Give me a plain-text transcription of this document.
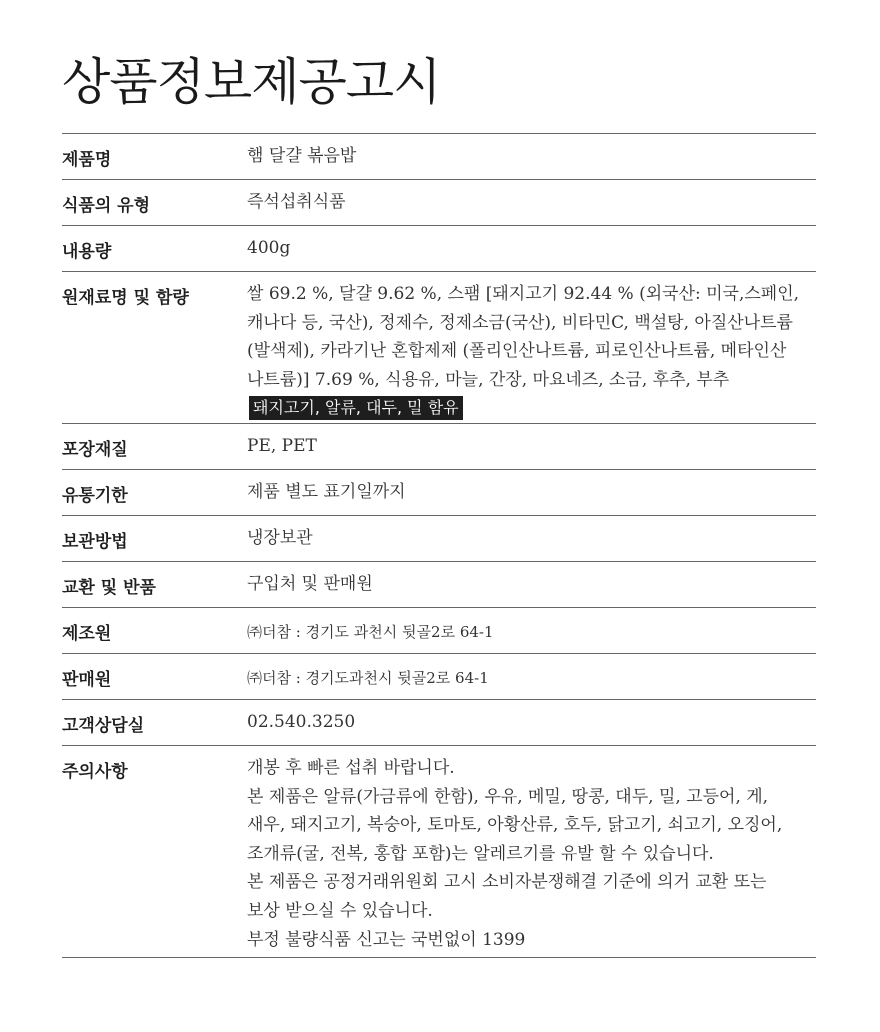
상품정보제공고시
제품명	햄 달걀 볶음밥
식품의 유형	즉석섭취식품
내용량	400g
원재료명 및 함량	쌀 69.2 %, 달걀 9.62 %, 스팸 [돼지고기 92.44 % (외국산: 미국,스페인,
캐나다 등, 국산), 정제수, 정제소금(국산), 비타민C, 백설탕, 아질산나트륨
(발색제), 카라기난 혼합제제 (폴리인산나트륨, 피로인산나트륨, 메타인산
나트륨)] 7.69 %, 식용유, 마늘, 간장, 마요네즈, 소금, 후추, 부추
돼지고기, 알류, 대두, 밀 함유
포장재질	PE, PET
유통기한	제품 별도 표기일까지
보관방법	냉장보관
교환 및 반품	구입처 및 판매원
제조원	㈜더참 : 경기도 과천시 뒷골2로 64-1
판매원	㈜더참 : 경기도과천시 뒷골2로 64-1
고객상담실	02.540.3250
주의사항	개봉 후 빠른 섭취 바랍니다.
본 제품은 알류(가금류에 한함), 우유, 메밀, 땅콩, 대두, 밀, 고등어, 게,
새우, 돼지고기, 복숭아, 토마토, 아황산류, 호두, 닭고기, 쇠고기, 오징어,
조개류(굴, 전복, 홍합 포함)는 알레르기를 유발 할 수 있습니다.
본 제품은 공정거래위원회 고시 소비자분쟁해결 기준에 의거 교환 또는
보상 받으실 수 있습니다.
부정 불량식품 신고는 국번없이 1399
